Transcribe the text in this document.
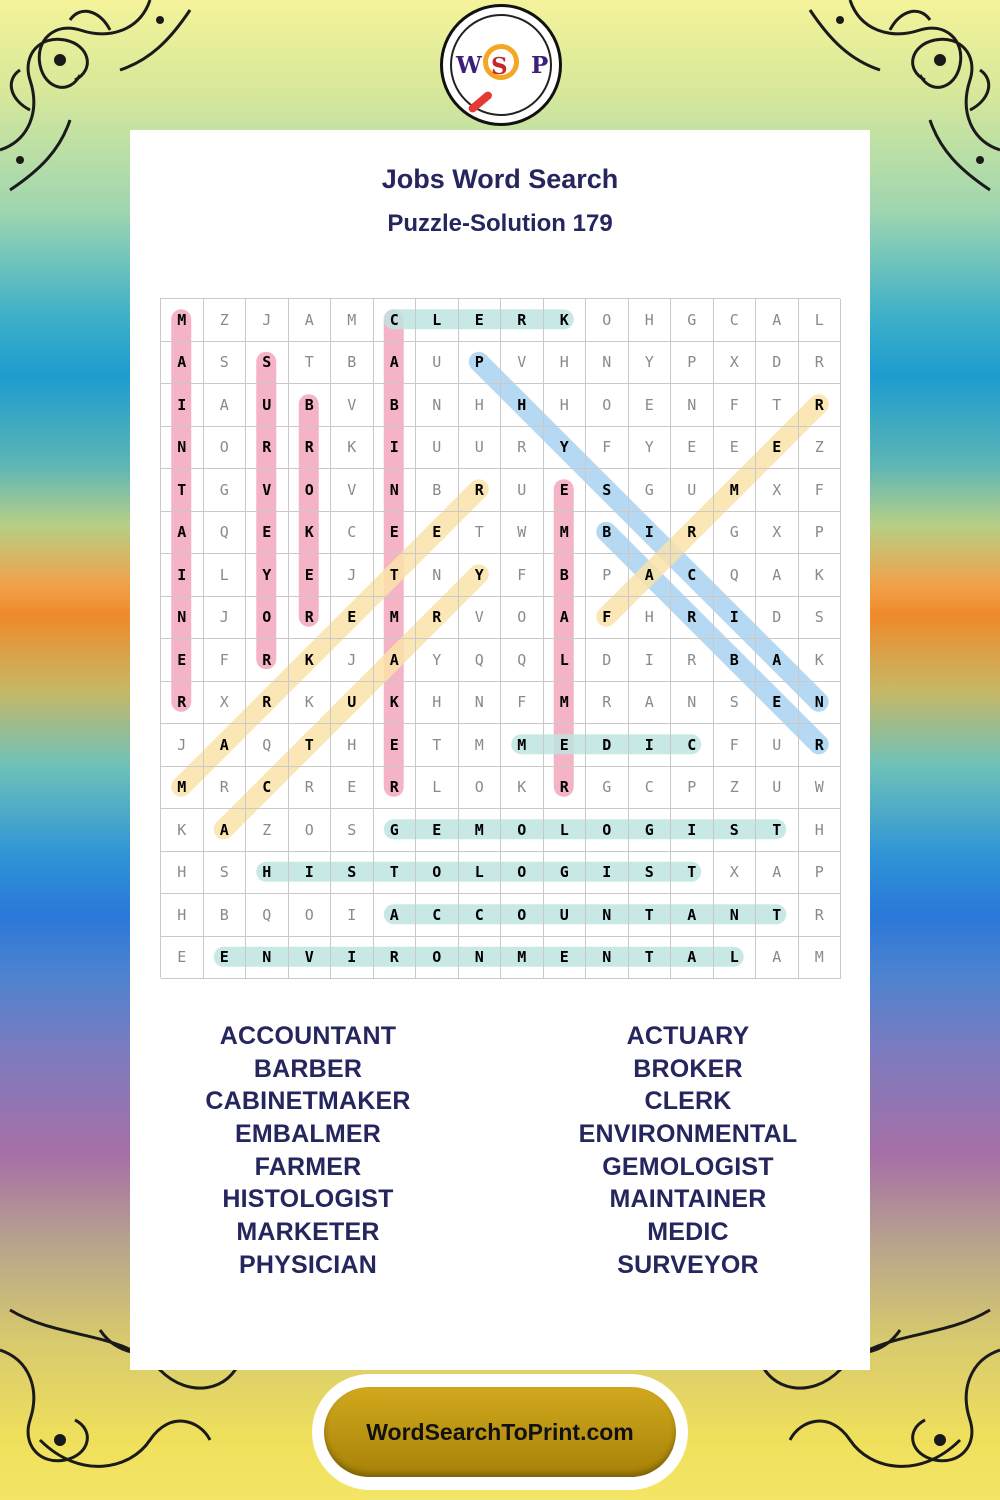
W S P
Jobs Word Search
Puzzle-Solution 179
M	Z	J	A	M	C	L	E	R	K	O	H	G	C	A	L
A	S	S	T	B	A	U	P	V	H	N	Y	P	X	D	R
I	A	U	B	V	B	N	H	H	H	O	E	N	F	T	R
N	O	R	R	K	I	U	U	R	Y	F	Y	E	E	E	Z
T	G	V	O	V	N	B	R	U	E	S	G	U	M	X	F
A	Q	E	K	C	E	E	T	W	M	B	I	R	G	X	P
I	L	Y	E	J	T	N	Y	F	B	P	A	C	Q	A	K
N	J	O	R	E	M	R	V	O	A	F	H	R	I	D	S
E	F	R	K	J	A	Y	Q	Q	L	D	I	R	B	A	K
R	X	R	K	U	K	H	N	F	M	R	A	N	S	E	N
J	A	Q	T	H	E	T	M	M	E	D	I	C	F	U	R
M	R	C	R	E	R	L	O	K	R	G	C	P	Z	U	W
K	A	Z	O	S	G	E	M	O	L	O	G	I	S	T	H
H	S	H	I	S	T	O	L	O	G	I	S	T	X	A	P
H	B	Q	O	I	A	C	C	O	U	N	T	A	N	T	R
E	E	N	V	I	R	O	N	M	E	N	T	A	L	A	M
ACCOUNTANT
BARBER
CABINETMAKER
EMBALMER
FARMER
HISTOLOGIST
MARKETER
PHYSICIAN
ACTUARY
BROKER
CLERK
ENVIRONMENTAL
GEMOLOGIST
MAINTAINER
MEDIC
SURVEYOR
WordSearchToPrint.com
